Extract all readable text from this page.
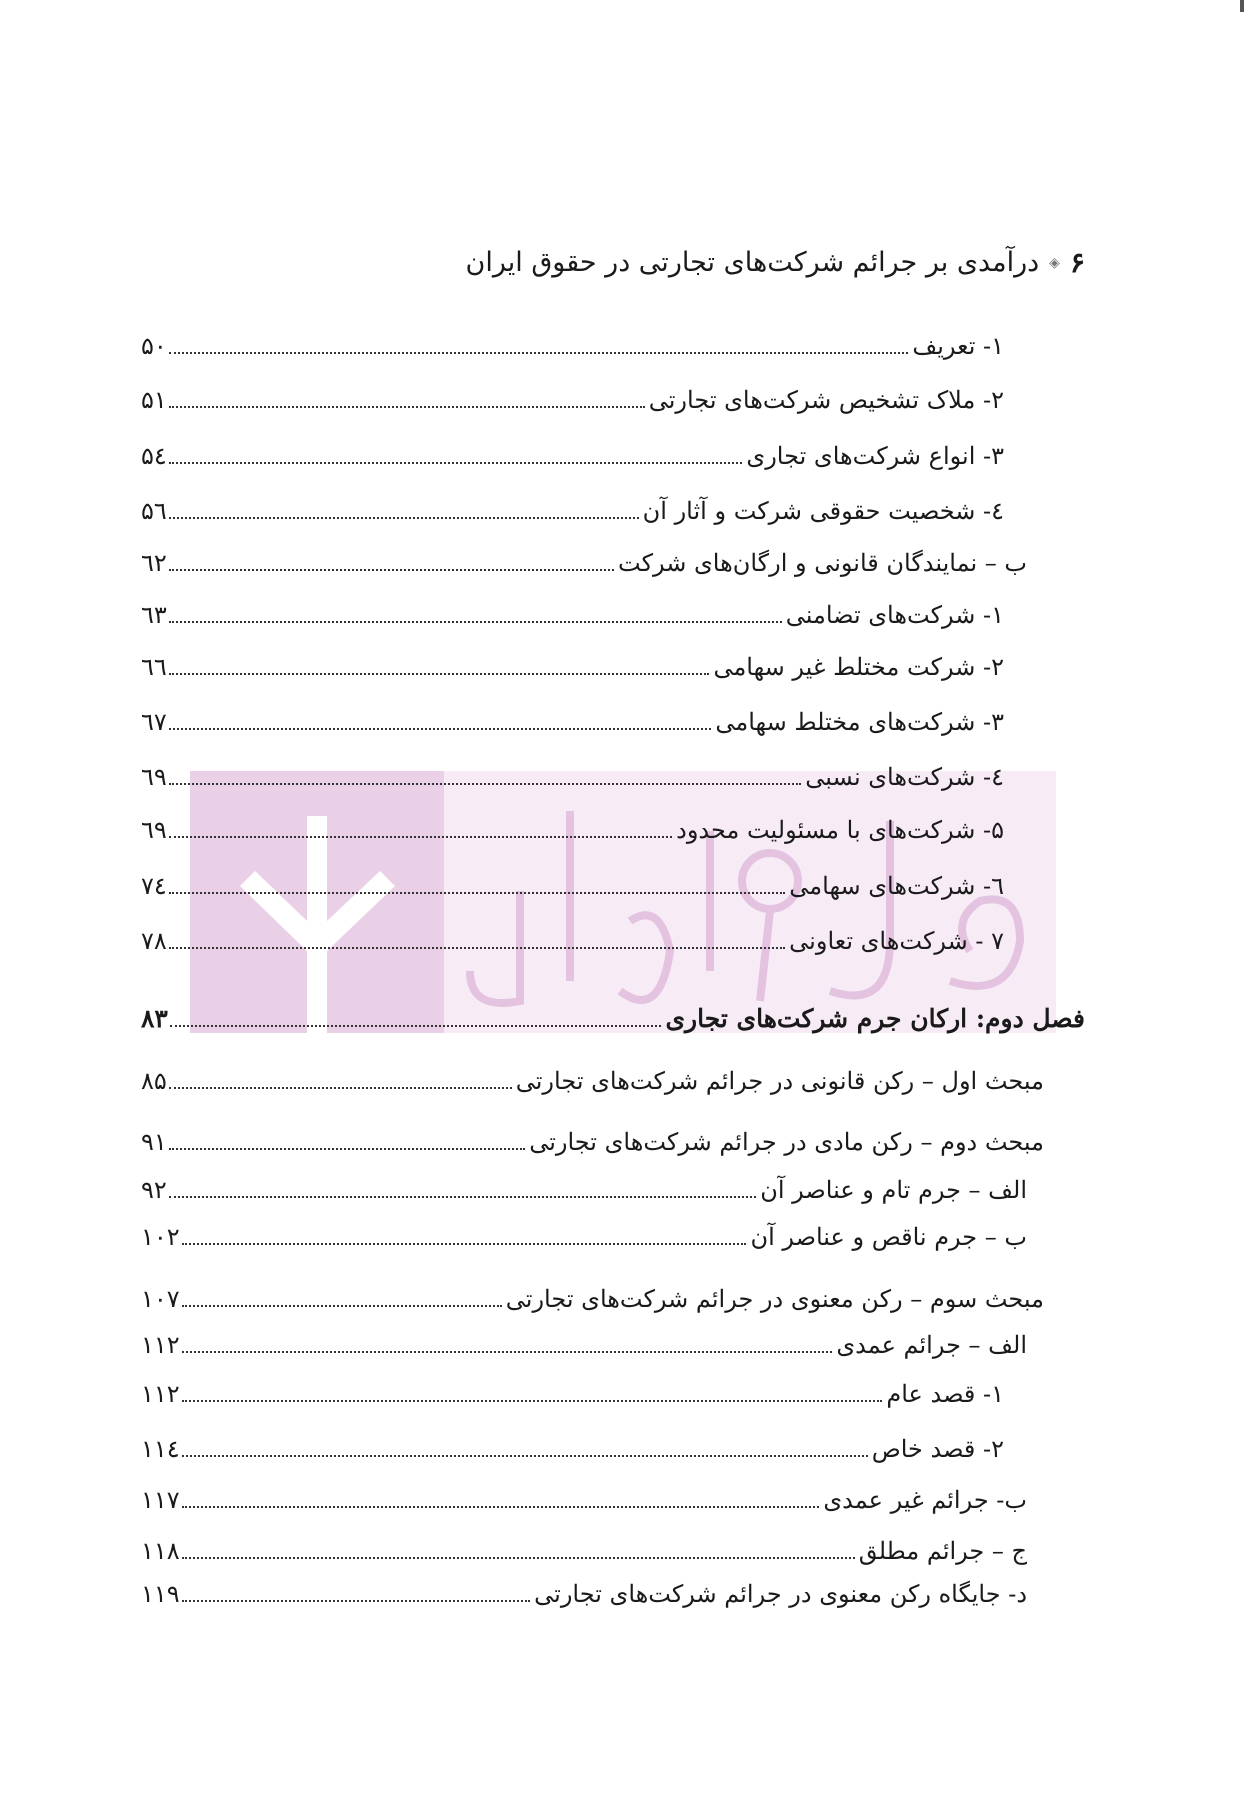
۶
◈
درآمدی بر جرائم شرکت‌های تجارتی در حقوق ایران
۱- تعریف
۵۰
۲- ملاک تشخیص شرکت‌های تجارتی
۵۱
۳- انواع شرکت‌های تجاری
۵٤
٤- شخصیت حقوقی شرکت و آثار آن
۵٦
ب – نمایندگان قانونی و ارگان‌های شرکت
٦۲
۱- شرکت‌های تضامنی
٦۳
۲- شرکت مختلط غیر سهامی
٦٦
۳- شرکت‌های مختلط سهامی
٦۷
٤- شرکت‌های نسبی
٦۹
۵- شرکت‌های با مسئولیت محدود
٦۹
٦- شرکت‌های سهامی
۷٤
۷ - شرکت‌های تعاونی
۷۸
فصل دوم: ارکان جرم شرکت‌های تجاری
۸۳
مبحث اول – رکن قانونی در جرائم شرکت‌های تجارتی
۸۵
مبحث دوم – رکن مادی در جرائم شرکت‌های تجارتی
۹۱
الف – جرم تام و عناصر آن
۹۲
ب – جرم ناقص و عناصر آن
۱۰۲
مبحث سوم – رکن معنوی در جرائم شرکت‌های تجارتی
۱۰۷
الف – جرائم عمدی
۱۱۲
۱- قصد عام
۱۱۲
۲- قصد خاص
۱۱٤
ب- جرائم غیر عمدی
۱۱۷
ج – جرائم مطلق
۱۱۸
د- جایگاه رکن معنوی در جرائم شرکت‌های تجارتی
۱۱۹
